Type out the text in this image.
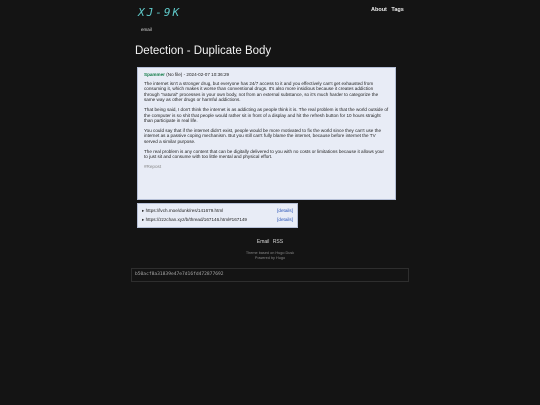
XJ-9K	About Tags
email
Detection - Duplicate Body
Spammer (No file) - 2024-02-07 10:36:29

The internet isn't a stronger drug, but everyone has 24/7 access to it and you effectively can't get exhausted from consuming it, which makes it worse than conventional drugs. It's also more insidious because it creates addiction through "natural" processes in your own body, not from an external substance, so it's much harder to categorize the same way as other drugs or harmful addictions.

That being said, I don't think the internet is as addicting as people think it is. The real problem is that the world outside of the computer is so shit that people would rather sit in front of a display and hit the refresh button for 10 hours straight than participate in real life.

You could say that if the internet didn't exist, people would be more motivated to fix the world since they can't use the internet as a passive coping mechanism. But you still can't fully blame the internet, because before internet the TV served a similar purpose.

The real problem is any content that can be digitally delivered to you with no costs or limitations because it allows your to just sit and consume with too little mental and physical effort.

#Repost
▸ https://lvch.moe/dunk/res/141679.html	[details]
▸ https://zzzchan.xyz/b/thread/167146.html#167149	[details]
Email RSS
Theme based on Hugo Dusk
Powered by Hugo
b50acf8a31839e47e7d16fd472877692
